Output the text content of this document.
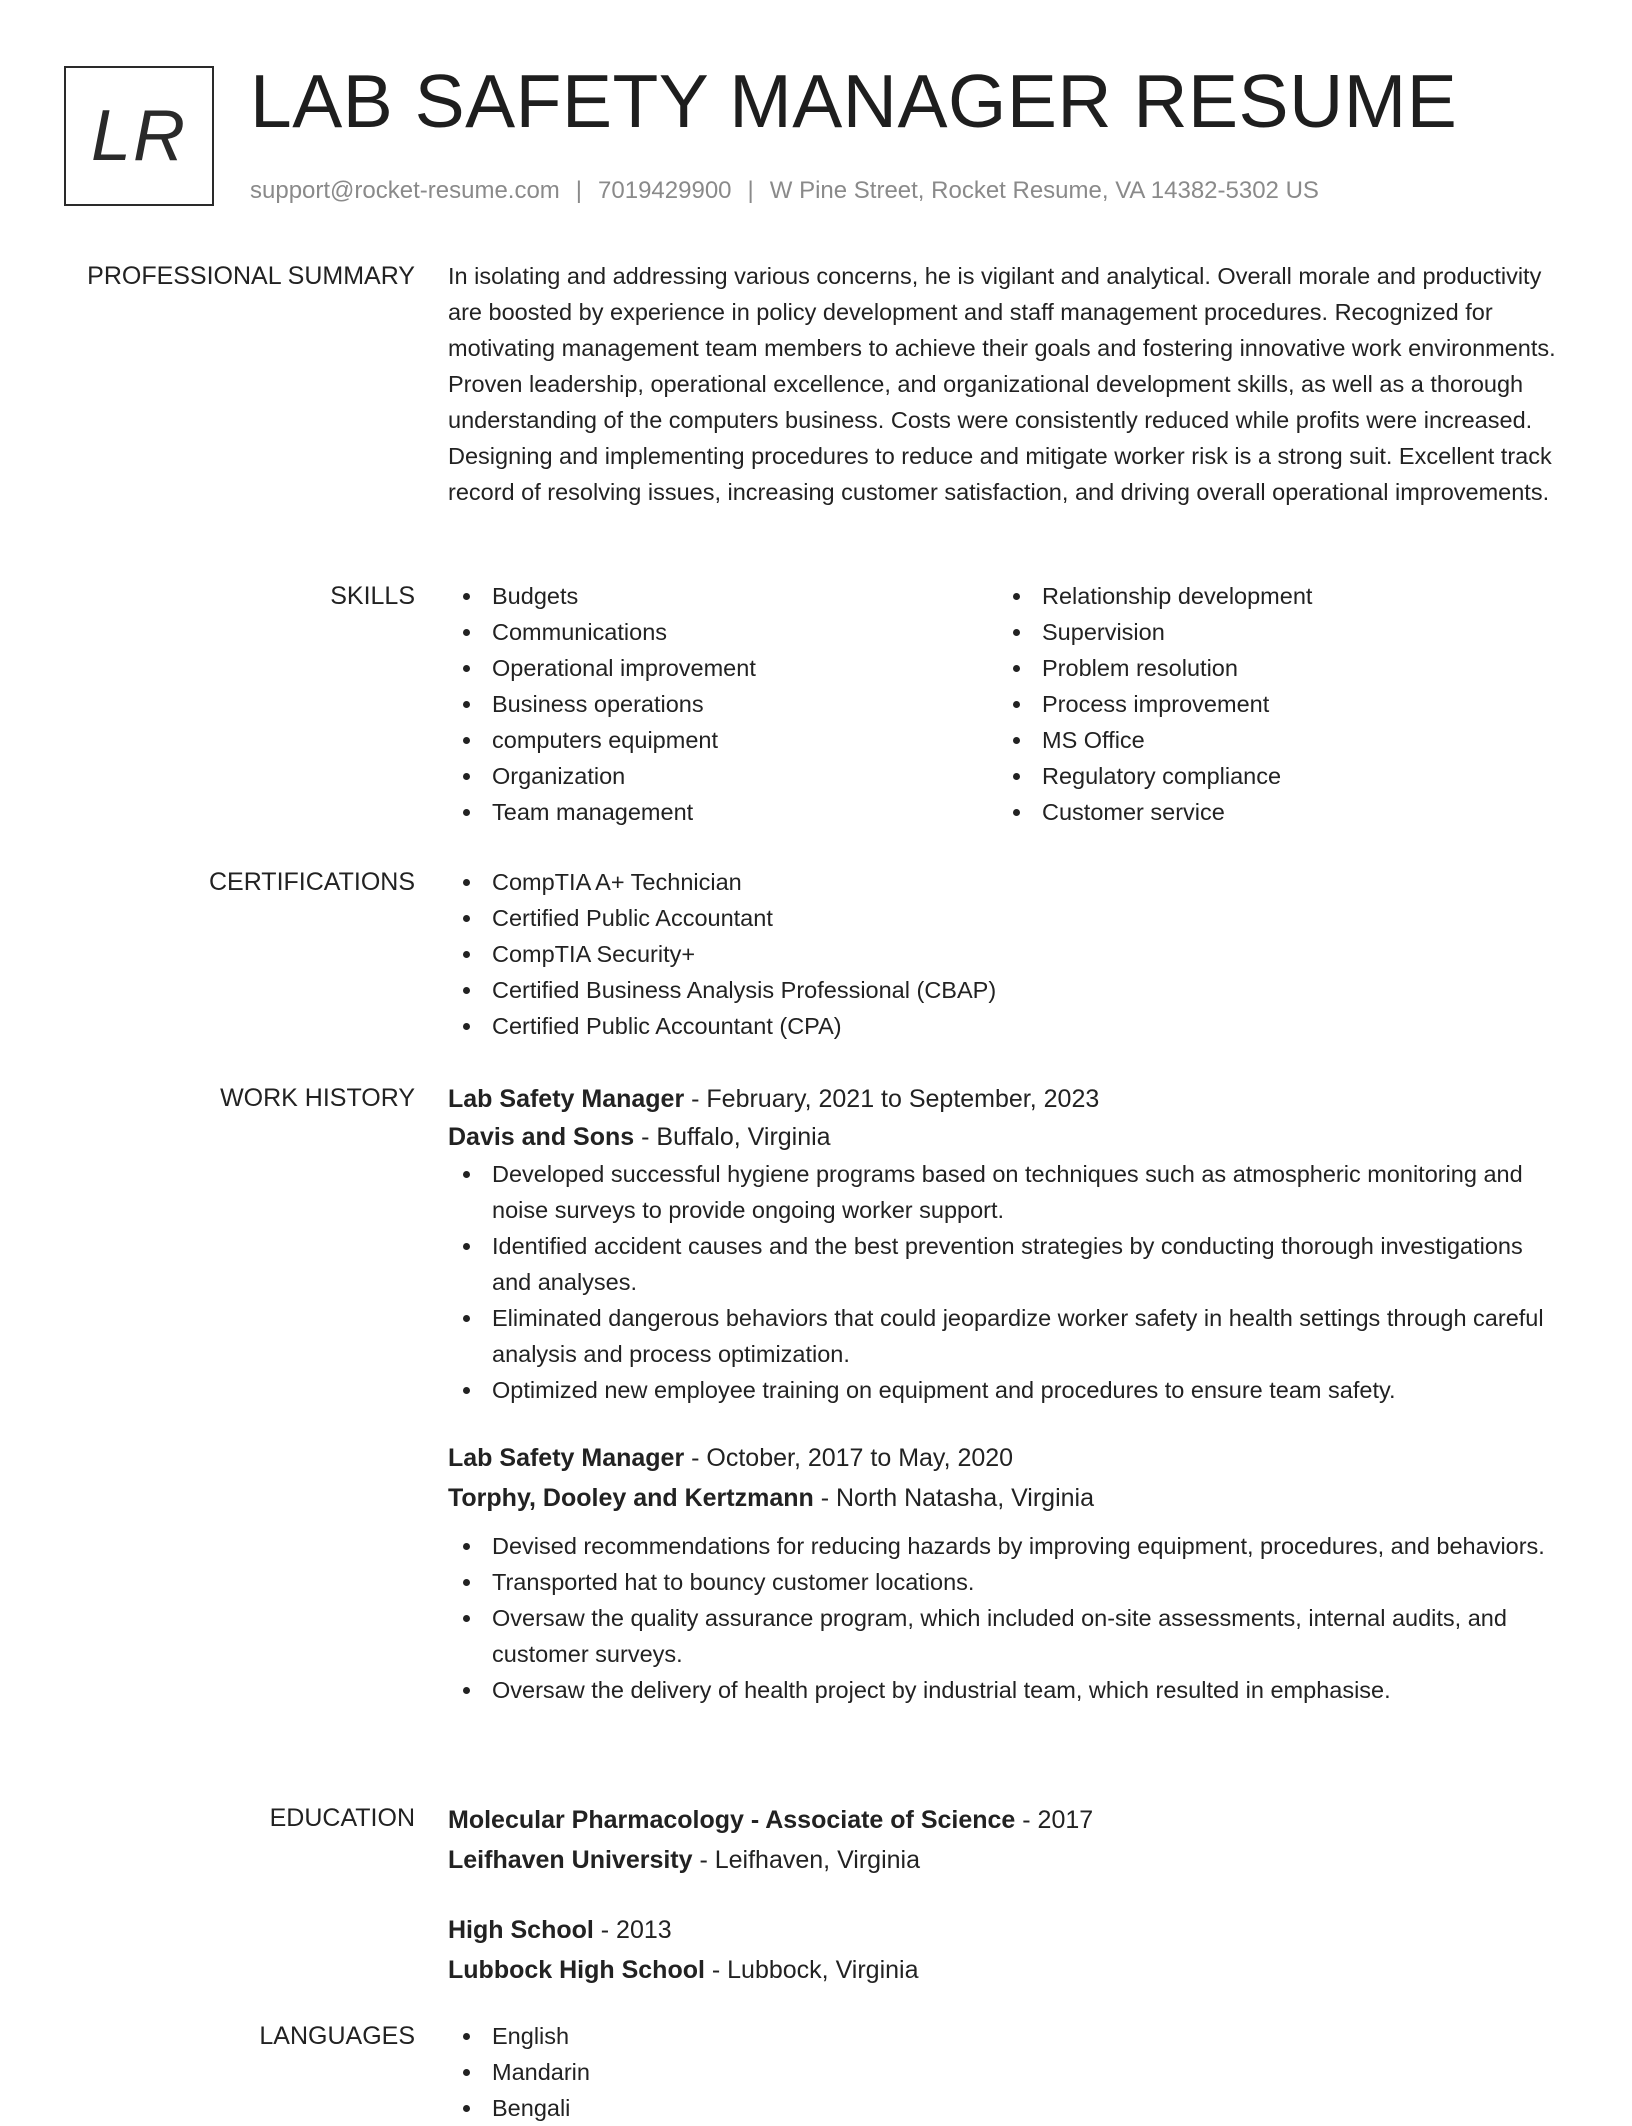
LR LAB SAFETY MANAGER RESUME
support@rocket-resume.com | 7019429900 | W Pine Street, Rocket Resume, VA 14382-5302 US
PROFESSIONAL SUMMARY In isolating and addressing various concerns, he is vigilant and analytical. Overall morale and productivity are boosted by experience in policy development and staff management procedures. Recognized for motivating management team members to achieve their goals and fostering innovative work environments. Proven leadership, operational excellence, and organizational development skills, as well as a thorough understanding of the computers business. Costs were consistently reduced while profits were increased. Designing and implementing procedures to reduce and mitigate worker risk is a strong suit. Excellent track record of resolving issues, increasing customer satisfaction, and driving overall operational improvements.

SKILLS	Budgets
Communications
Operational improvement
Business operations
computers equipment
Organization
Team management
Relationship development
Supervision
Problem resolution
Process improvement
MS Office
Regulatory compliance
Customer service
CERTIFICATIONS	CompTIA A+ Technician
Certified Public Accountant
CompTIA Security+
Certified Business Analysis Professional (CBAP)
Certified Public Accountant (CPA)
WORK HISTORY Lab Safety Manager - February, 2021 to September, 2023
Davis and Sons - Buffalo, Virginia
Developed successful hygiene programs based on techniques such as atmospheric monitoring and noise surveys to provide ongoing worker support.
Identified accident causes and the best prevention strategies by conducting thorough investigations and analyses.
Eliminated dangerous behaviors that could jeopardize worker safety in health settings through careful analysis and process optimization.
Optimized new employee training on equipment and procedures to ensure team safety.
Lab Safety Manager - October, 2017 to May, 2020
Torphy, Dooley and Kertzmann - North Natasha, Virginia
Devised recommendations for reducing hazards by improving equipment, procedures, and behaviors.
Transported hat to bouncy customer locations.
Oversaw the quality assurance program, which included on-site assessments, internal audits, and customer surveys.
Oversaw the delivery of health project by industrial team, which resulted in emphasise.
EDUCATION Molecular Pharmacology - Associate of Science - 2017
Leifhaven University - Leifhaven, Virginia
High School - 2013
Lubbock High School - Lubbock, Virginia
LANGUAGES	English
Mandarin
Bengali
